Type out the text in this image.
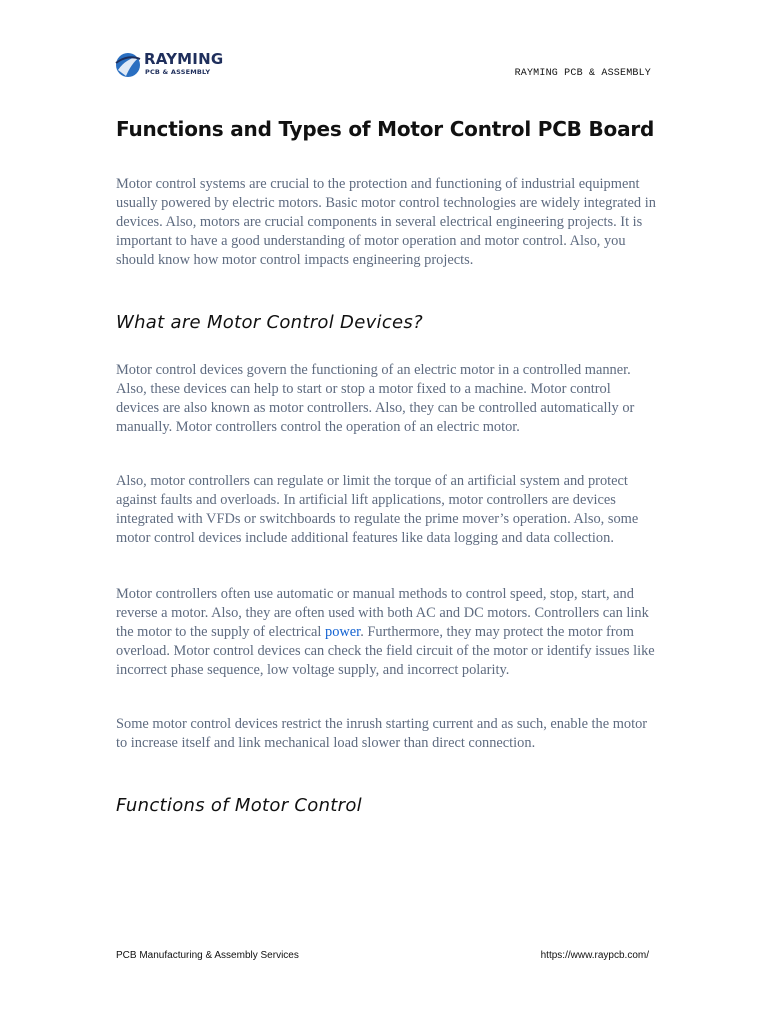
RAYMING
PCB & ASSEMBLY	RAYMING PCB & ASSEMBLY
Functions and Types of Motor Control PCB Board

Motor control systems are crucial to the protection and functioning of industrial equipment usually powered by electric motors. Basic motor control technologies are widely integrated in devices. Also, motors are crucial components in several electrical engineering projects. It is important to have a good understanding of motor operation and motor control. Also, you should know how motor control impacts engineering projects.

What are Motor Control Devices?

Motor control devices govern the functioning of an electric motor in a controlled manner. Also, these devices can help to start or stop a motor fixed to a machine. Motor control devices are also known as motor controllers. Also, they can be controlled automatically or manually. Motor controllers control the operation of an electric motor.

Also, motor controllers can regulate or limit the torque of an artificial system and protect against faults and overloads. In artificial lift applications, motor controllers are devices integrated with VFDs or switchboards to regulate the prime mover’s operation. Also, some motor control devices include additional features like data logging and data collection.

Motor controllers often use automatic or manual methods to control speed, stop, start, and reverse a motor. Also, they are often used with both AC and DC motors. Controllers can link the motor to the supply of electrical power. Furthermore, they may protect the motor from overload. Motor control devices can check the field circuit of the motor or identify issues like incorrect phase sequence, low voltage supply, and incorrect polarity.

Some motor control devices restrict the inrush starting current and as such, enable the motor to increase itself and link mechanical load slower than direct connection.

Functions of Motor Control
PCB Manufacturing & Assembly Services	https://www.raypcb.com/
